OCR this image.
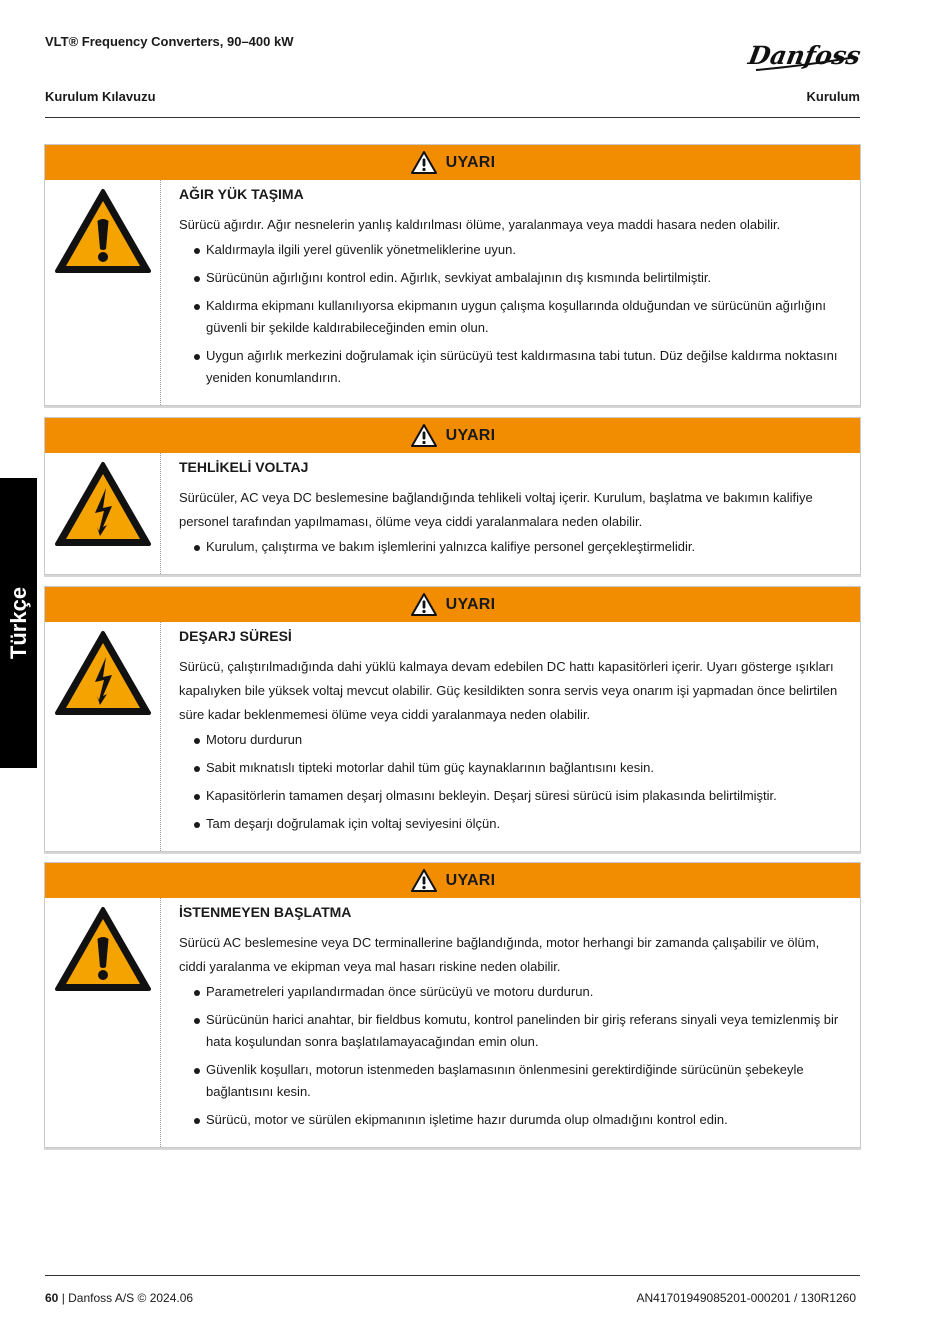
VLT® Frequency Converters, 90–400 kW
Kurulum Kılavuzu	Kurulum
Danfoss
Türkçe
UYARI
AĞIR YÜK TAŞIMA
Sürücü ağırdır. Ağır nesnelerin yanlış kaldırılması ölüme, yaralanmaya veya maddi hasara neden olabilir.
Kaldırmayla ilgili yerel güvenlik yönetmeliklerine uyun.
Sürücünün ağırlığını kontrol edin. Ağırlık, sevkiyat ambalajının dış kısmında belirtilmiştir.
Kaldırma ekipmanı kullanılıyorsa ekipmanın uygun çalışma koşullarında olduğundan ve sürücünün ağırlığını güvenli bir şekilde kaldırabileceğinden emin olun.
Uygun ağırlık merkezini doğrulamak için sürücüyü test kaldırmasına tabi tutun. Düz değilse kaldırma noktasını yeniden konumlandırın.
UYARI
TEHLİKELİ VOLTAJ
Sürücüler, AC veya DC beslemesine bağlandığında tehlikeli voltaj içerir. Kurulum, başlatma ve bakımın kalifiye personel tarafından yapılmaması, ölüme veya ciddi yaralanmalara neden olabilir.
Kurulum, çalıştırma ve bakım işlemlerini yalnızca kalifiye personel gerçekleştirmelidir.
UYARI
DEŞARJ SÜRESİ
Sürücü, çalıştırılmadığında dahi yüklü kalmaya devam edebilen DC hattı kapasitörleri içerir. Uyarı gösterge ışıkları kapalıyken bile yüksek voltaj mevcut olabilir. Güç kesildikten sonra servis veya onarım işi yapmadan önce belirtilen süre kadar beklenmemesi ölüme veya ciddi yaralanmaya neden olabilir.
Motoru durdurun
Sabit mıknatıslı tipteki motorlar dahil tüm güç kaynaklarının bağlantısını kesin.
Kapasitörlerin tamamen deşarj olmasını bekleyin. Deşarj süresi sürücü isim plakasında belirtilmiştir.
Tam deşarjı doğrulamak için voltaj seviyesini ölçün.
UYARI
İSTENMEYEN BAŞLATMA
Sürücü AC beslemesine veya DC terminallerine bağlandığında, motor herhangi bir zamanda çalışabilir ve ölüm, ciddi yaralanma ve ekipman veya mal hasarı riskine neden olabilir.
Parametreleri yapılandırmadan önce sürücüyü ve motoru durdurun.
Sürücünün harici anahtar, bir fieldbus komutu, kontrol panelinden bir giriş referans sinyali veya temizlenmiş bir hata koşulundan sonra başlatılamayacağından emin olun.
Güvenlik koşulları, motorun istenmeden başlamasının önlenmesini gerektirdiğinde sürücünün şebekeyle bağlantısını kesin.
Sürücü, motor ve sürülen ekipmanının işletime hazır durumda olup olmadığını kontrol edin.
60 | Danfoss A/S © 2024.06	AN41701949085201-000201 / 130R1260
